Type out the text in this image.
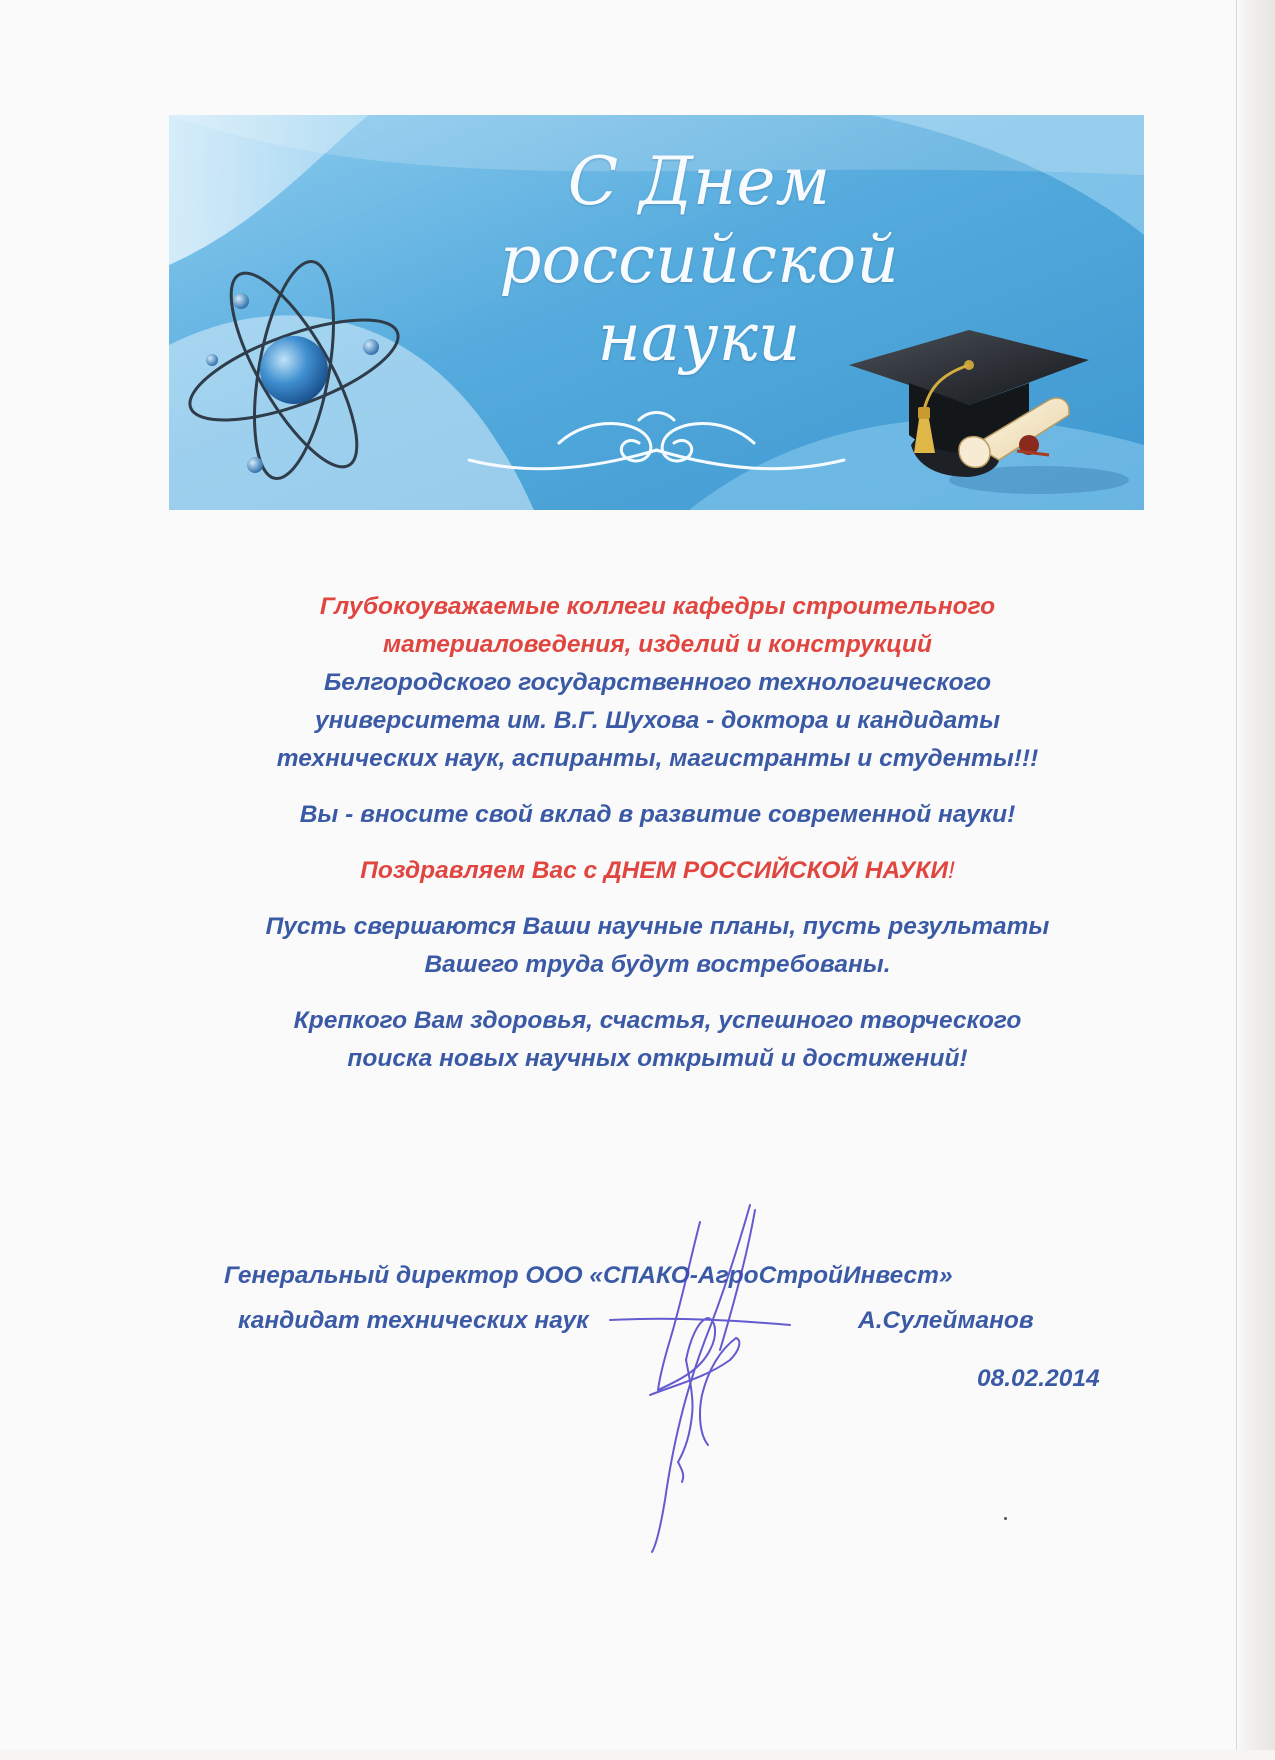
С Днем
российской
науки

Глубокоуважаемые коллеги кафедры строительного
материаловедения, изделий и конструкций
Белгородского государственного технологического
университета им. В.Г. Шухова - доктора и кандидаты
технических наук, аспиранты, магистранты и студенты!!!

Вы - вносите свой вклад в развитие современной науки!

Поздравляем Вас с ДНЕМ РОССИЙСКОЙ НАУКИ!

Пусть свершаются Ваши научные планы, пусть результаты
Вашего труда будут востребованы.

Крепкого Вам здоровья, счастья, успешного творческого
поиска новых научных открытий и достижений!

Генеральный директор ООО «СПАКО-АгроСтройИнвест»
кандидат технических наук	А.Сулейманов
08.02.2014
